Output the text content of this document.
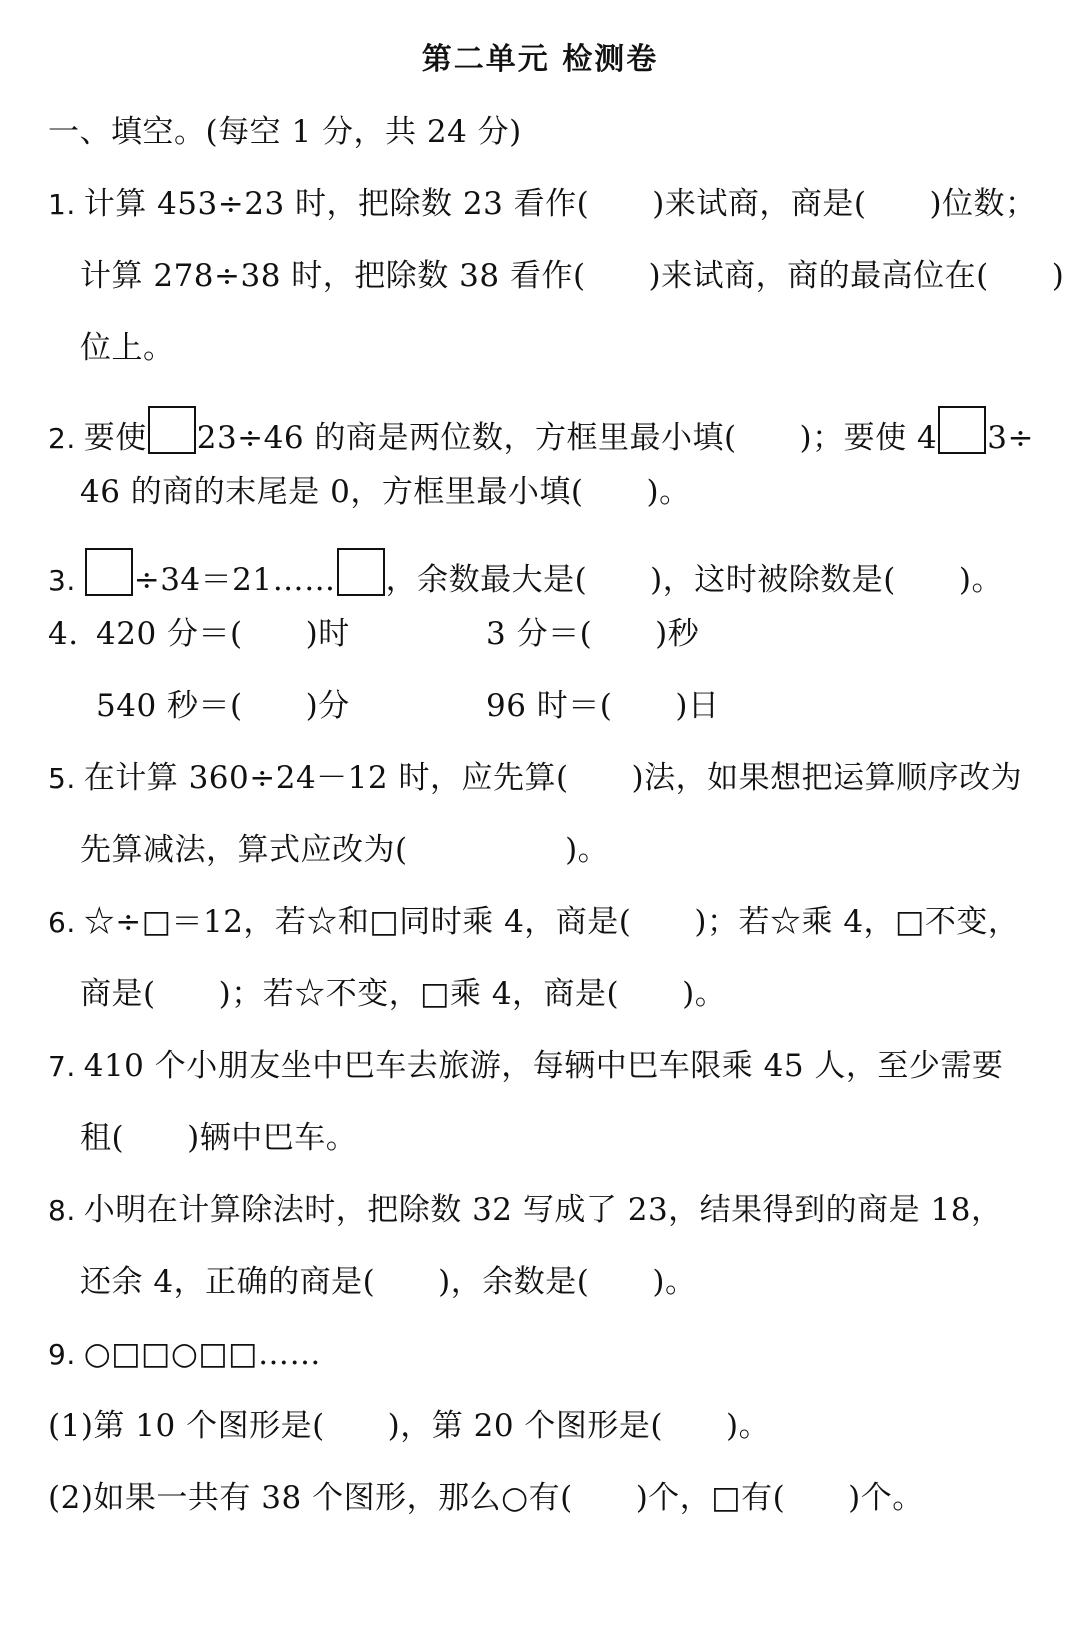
第二单元 检测卷
一、填空。(每空 1 分，共 24 分)
1. 计算 453÷23 时，把除数 23 看作(　　)来试商，商是(　　)位数；
计算 278÷38 时，把除数 38 看作(　　)来试商，商的最高位在(　　)
位上。
2. 要使 23÷46 的商是两位数，方框里最小填(　　)；要使 4 3÷
46 的商的末尾是 0，方框里最小填(　　)。
3. ÷34＝21…… ，余数最大是(　　)，这时被除数是(　　)。
4. 420 分＝(　　)时	3 分＝(　　)秒
540 秒＝(　　)分	96 时＝(　　)日
5. 在计算 360÷24－12 时，应先算(　　)法，如果想把运算顺序改为
先算减法，算式应改为(　　　　　)。
6. ☆÷□＝12，若☆和□同时乘 4，商是(　　)；若☆乘 4，□不变，
商是(　　)；若☆不变，□乘 4，商是(　　)。
7. 410 个小朋友坐中巴车去旅游，每辆中巴车限乘 45 人，至少需要
租(　　)辆中巴车。
8. 小明在计算除法时，把除数 32 写成了 23，结果得到的商是 18，
还余 4，正确的商是(　　)，余数是(　　)。
9. ○□□○□□……
(1)第 10 个图形是(　　)，第 20 个图形是(　　)。
(2)如果一共有 38 个图形，那么○有(　　)个，□有(　　)个。
